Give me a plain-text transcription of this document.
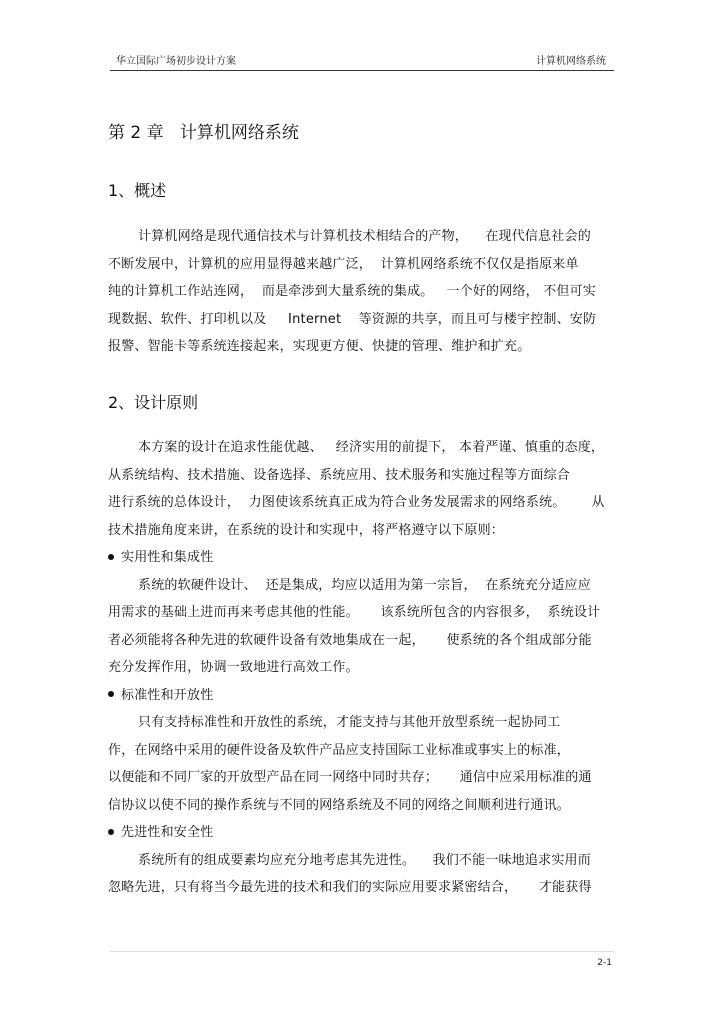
华立国际广场初步设计方案	计算机网络系统
第 2 章   计算机网络系统
1、概述
计算机网络是现代通信技术与计算机技术相结合的产物，    在现代信息社会的
不断发展中，计算机的应用显得越来越广泛，  计算机网络系统不仅仅是指原来单
纯的计算机工作站连网，  而是牵涉到大量系统的集成。   一个好的网络， 不但可实
现数据、软件、打印机以及     Internet    等资源的共享，而且可与楼宇控制、安防
报警、智能卡等系统连接起来，实现更方便、快捷的管理、维护和扩充。
2、设计原则
本方案的设计在追求性能优越、   经济实用的前提下， 本着严谨、慎重的态度，
从系统结构、技术措施、设备选择、系统应用、技术服务和实施过程等方面综合
进行系统的总体设计，  力图使该系统真正成为符合业务发展需求的网络系统。      从
技术措施角度来讲，在系统的设计和实现中，将严格遵守以下原则：
实用性和集成性
系统的软硬件设计、  还是集成，均应以适用为第一宗旨，  在系统充分适应应
用需求的基础上进而再来考虑其他的性能。     该系统所包含的内容很多，  系统设计
者必须能将各种先进的软硬件设备有效地集成在一起，     使系统的各个组成部分能
充分发挥作用，协调一致地进行高效工作。
标准性和开放性
只有支持标准性和开放性的系统，才能支持与其他开放型系统一起协同工
作，在网络中采用的硬件设备及软件产品应支持国际工业标准或事实上的标准，
以便能和不同厂家的开放型产品在同一网络中同时共存；     通信中应采用标准的通
信协议以使不同的操作系统与不同的网络系统及不同的网络之间顺利进行通讯。
先进性和安全性
系统所有的组成要素均应充分地考虑其先进性。    我们不能一味地追求实用而
忽略先进，只有将当今最先进的技术和我们的实际应用要求紧密结合，     才能获得
2-1
